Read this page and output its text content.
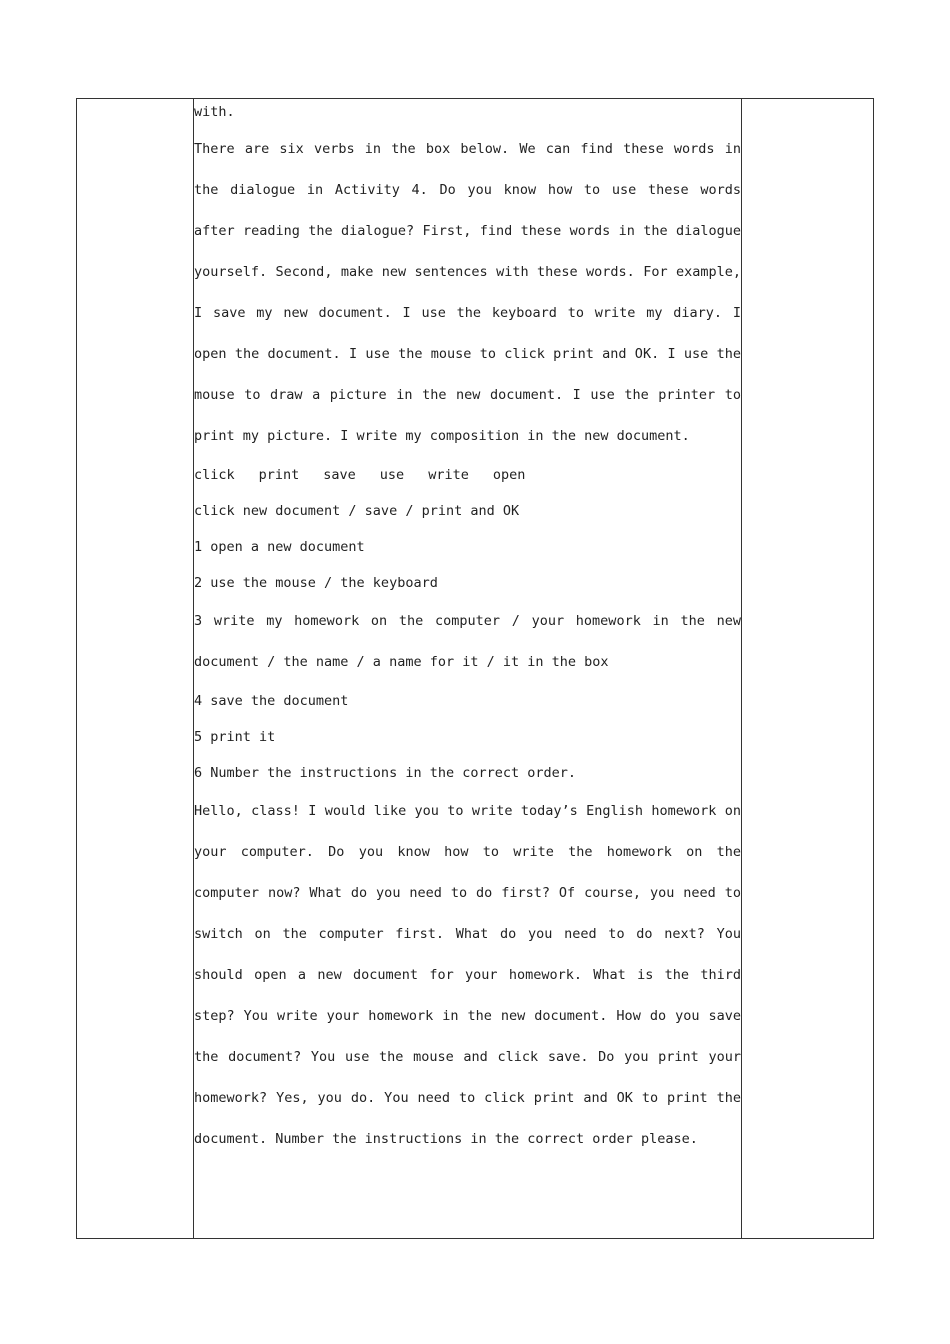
with.

There are six verbs in the box below. We can find these words in the dialogue in Activity 4. Do you know how to use these words after reading the dialogue? First, find these words in the dialogue yourself. Second, make new sentences with these words. For example, I save my new document. I use the keyboard to write my diary. I open the document. I use the mouse to click print and OK. I use the mouse to draw a picture in the new document. I use the printer to print my picture. I write my composition in the new document.

click print save use write open

click new document / save / print and OK

1 open a new document

2 use the mouse / the keyboard

3 write my homework on the computer / your homework in the new document / the name / a name for it / it in the box

4 save the document

5 print it

6 Number the instructions in the correct order.

Hello, class! I would like you to write today’s English homework on your computer. Do you know how to write the homework on the computer now? What do you need to do first? Of course, you need to switch on the computer first. What do you need to do next? You should open a new document for your homework. What is the third step? You write your homework in the new document. How do you save the document? You use the mouse and click save. Do you print your homework? Yes, you do. You need to click print and OK to print the document. Number the instructions in the correct order please.
